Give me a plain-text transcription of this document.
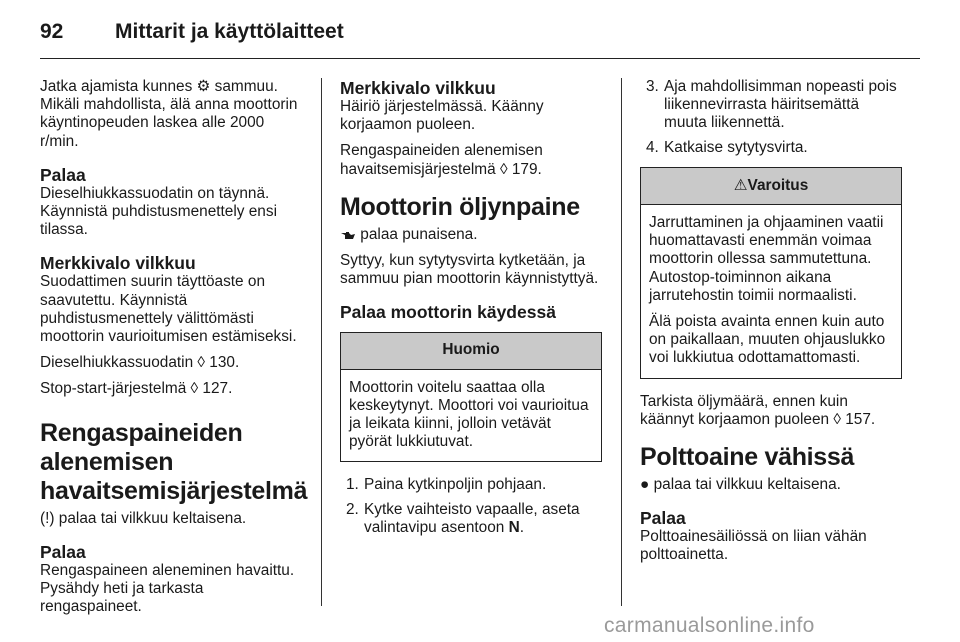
92 Mittarit ja käyttölaitteet

Jatka ajamista kunnes ⚙ sammuu. Mikäli mahdollista, älä anna moottorin käyntinopeuden laskea alle 2000 r/min.

Palaa

Dieselhiukkassuodatin on täynnä. Käynnistä puhdistusmenettely ensi tilassa.

Merkkivalo vilkkuu

Suodattimen suurin täyttöaste on saavutettu. Käynnistä puhdistusmenettely välittömästi moottorin vaurioitumisen estämiseksi.

Dieselhiukkassuodatin ◊ 130.

Stop-start-järjestelmä ◊ 127.

Rengaspaineiden alenemisen havaitsemisjärjestelmä

(!) palaa tai vilkkuu keltaisena.

Palaa

Rengaspaineen aleneminen havaittu. Pysähdy heti ja tarkasta rengaspaineet.

Merkkivalo vilkkuu

Häiriö järjestelmässä. Käänny korjaamon puoleen.

Rengaspaineiden alenemisen havaitsemisjärjestelmä ◊ 179.

Moottorin öljynpaine

palaa punaisena.

Syttyy, kun sytytysvirta kytketään, ja sammuu pian moottorin käynnistyttyä.

Palaa moottorin käydessä
Huomio

Moottorin voitelu saattaa olla keskeytynyt. Moottori voi vaurioitua ja leikata kiinni, jolloin vetävät pyörät lukkiutuvat.

1. Paina kytkinpoljin pohjaan.
2. Kytke vaihteisto vapaalle, aseta valintavipu asentoon N.
3. Aja mahdollisimman nopeasti pois liikennevirrasta häiritsemättä muuta liikennettä.
4. Katkaise sytytysvirta.
⚠Varoitus

Jarruttaminen ja ohjaaminen vaatii huomattavasti enemmän voimaa moottorin ollessa sammutettuna. Autostop-toiminnon aikana jarrutehostin toimii normaalisti.

Älä poista avainta ennen kuin auto on paikallaan, muuten ohjauslukko voi lukkiutua odottamattomasti.

Tarkista öljymäärä, ennen kuin käännyt korjaamon puoleen ◊ 157.

Polttoaine vähissä

● palaa tai vilkkuu keltaisena.

Palaa

Polttoainesäiliössä on liian vähän polttoainetta.

carmanualsonline.info
